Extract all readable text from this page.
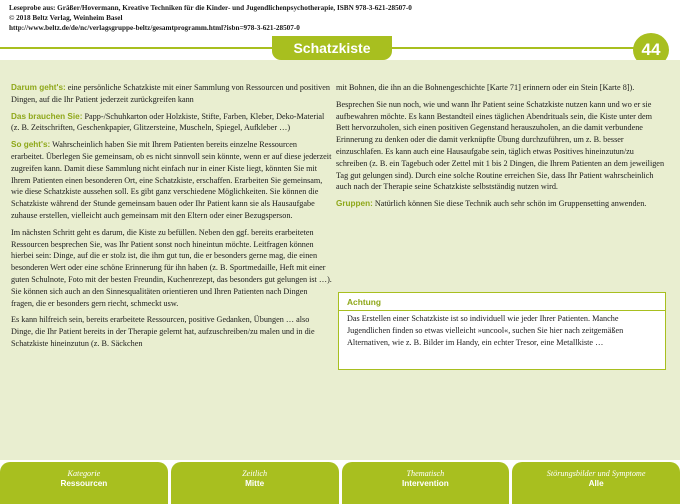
Leseprobe aus: Gräßer/Hovermann, Kreative Techniken für die Kinder- und Jugendlichenpsychotherapie, ISBN 978-3-621-28507-0
© 2018 Beltz Verlag, Weinheim Basel
http://www.beltz.de/de/nc/verlagsgruppe-beltz/gesamtprogramm.html?isbn=978-3-621-28507-0
Schatzkiste	44

Darum geht's: eine persönliche Schatzkiste mit einer Sammlung von Ressourcen und positiven Dingen, auf die Ihr Patient jederzeit zurückgreifen kann

Das brauchen Sie: Papp-/Schuhkarton oder Holzkiste, Stifte, Farben, Kleber, Deko-Material (z. B. Zeitschriften, Geschenkpapier, Glitzersteine, Muscheln, Spiegel, Aufkleber …)

So geht's: Wahrscheinlich haben Sie mit Ihrem Patienten bereits einzelne Ressourcen erarbeitet. Überlegen Sie gemeinsam, ob es nicht sinnvoll sein könnte, wenn er auf diese jederzeit zugreifen kann. Damit diese Sammlung nicht einfach nur in einer Kiste liegt, könnten Sie mit Ihrem Patienten einen besonderen Ort, eine Schatzkiste, erschaffen. Erarbeiten Sie gemeinsam, wie diese Schatzkiste aussehen soll. Es gibt ganz verschiedene Möglichkeiten. Sie können die Schatzkiste während der Stunde gemeinsam bauen oder Ihr Patient kann sie als Hausaufgabe zuhause erstellen, vielleicht auch gemeinsam mit den Eltern oder einer Bezugsperson.

Im nächsten Schritt geht es darum, die Kiste zu befüllen. Neben den ggf. bereits erarbeiteten Ressourcen besprechen Sie, was Ihr Patient sonst noch hineintun möchte. Leitfragen können hierbei sein: Dinge, auf die er stolz ist, die ihm gut tun, die er besonders gerne mag, die einen besonderen Wert oder eine schöne Erinnerung für ihn haben (z. B. Sportmedaille, Heft mit einer guten Schulnote, Foto mit der besten Freundin, Kuchenrezept, das besonders gut gelungen ist …). Sie können sich auch an den Sinnesqualitäten orientieren und Ihren Patienten nach Dingen fragen, die er besonders gern riecht, schmeckt usw.

Es kann hilfreich sein, bereits erarbeitete Ressourcen, positive Gedanken, Übungen … also Dinge, die Ihr Patient bereits in der Therapie gelernt hat, aufzuschreiben/zu malen und in die Schatzkiste hineinzutun (z. B. Säckchen

mit Bohnen, die ihn an die Bohnengeschichte [Karte 71] erinnern oder ein Stein [Karte 8]).

Besprechen Sie nun noch, wie und wann Ihr Patient seine Schatzkiste nutzen kann und wo er sie aufbewahren möchte. Es kann Bestandteil eines täglichen Abendrituals sein, die Kiste unter dem Bett hervorzuholen, sich einen positiven Gegenstand herauszuholen, an die damit verbundene Erinnerung zu denken oder die damit verknüpfte Übung durchzuführen, um z. B. besser einzuschlafen. Es kann auch eine Hausaufgabe sein, täglich etwas Positives hineinzutun/zu schreiben (z. B. ein Tagebuch oder Zettel mit 1 bis 2 Dingen, die Ihrem Patienten an dem jeweiligen Tag gut gelungen sind). Durch eine solche Routine erreichen Sie, dass Ihr Patient wahrscheinlich auch nach der Therapie seine Schatzkiste selbstständig nutzen wird.

Gruppen: Natürlich können Sie diese Technik auch sehr schön im Gruppensetting anwenden.

Achtung
Das Erstellen einer Schatzkiste ist so individuell wie jeder Ihrer Patienten. Manche Jugendlichen finden so etwas vielleicht »uncool«, suchen Sie hier nach zeitgemäßen Alternativen, wie z. B. Bilder im Handy, ein echter Tresor, eine Metallkiste …
Kategorie
Ressourcen
Zeitlich
Mitte
Thematisch
Intervention
Störungsbilder und Symptome
Alle
